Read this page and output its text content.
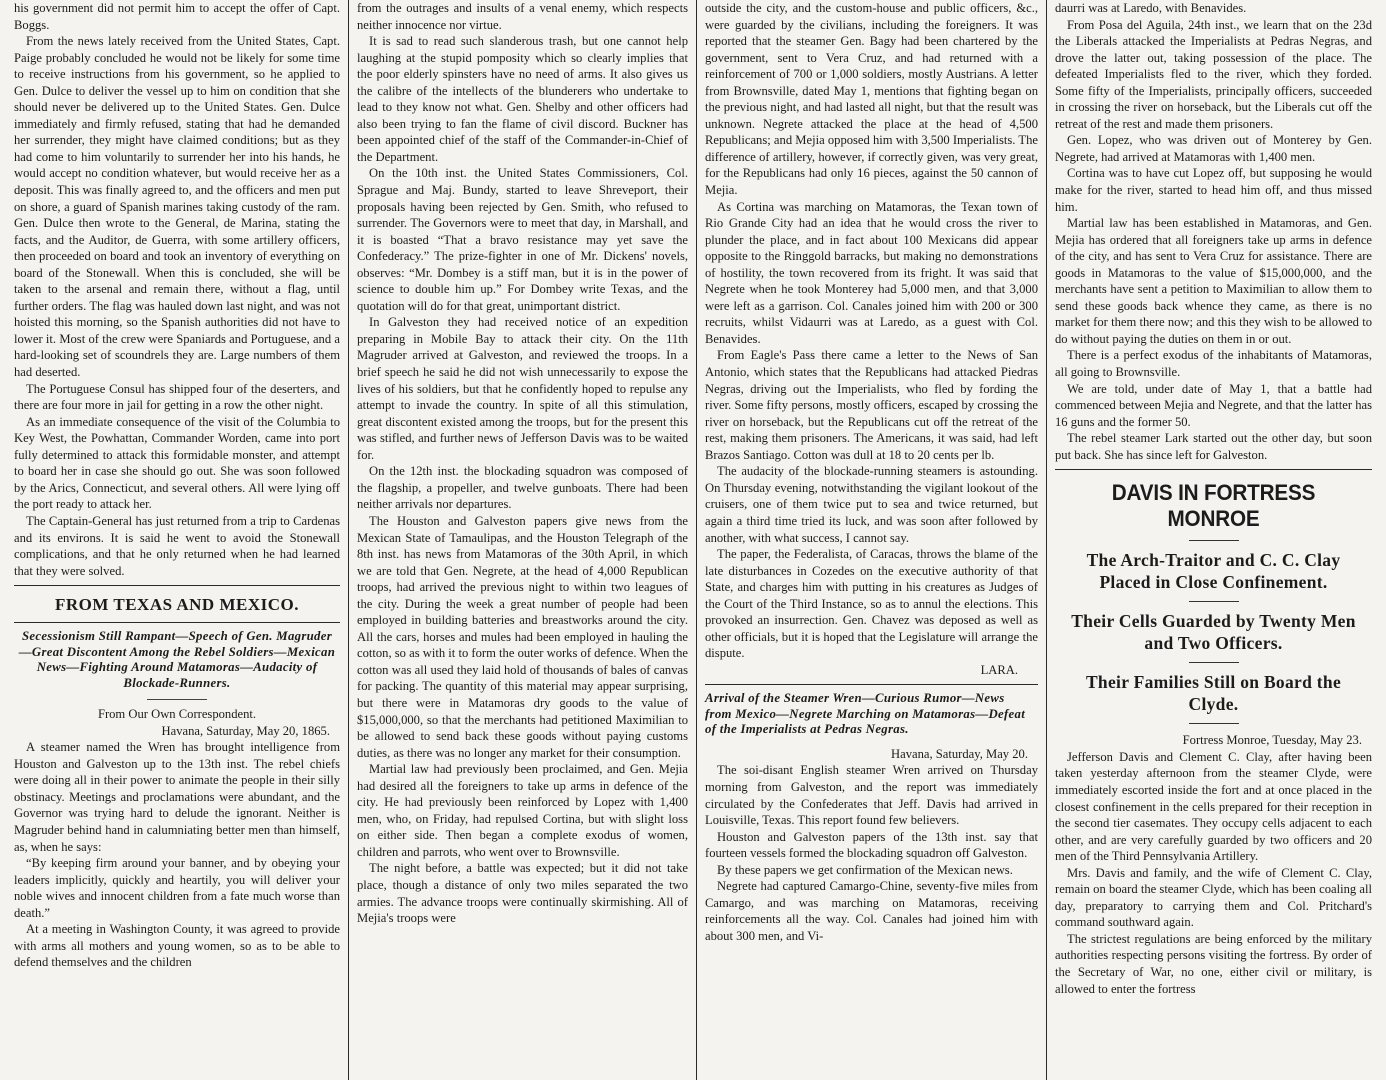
his government did not permit him to accept the offer of Capt. Boggs.

From the news lately received from the United States, Capt. Paige probably concluded he would not be likely for some time to receive instructions from his government, so he applied to Gen. Dulce to deliver the vessel up to him on condition that she should never be delivered up to the United States. Gen. Dulce immediately and firmly refused, stating that had he demanded her surrender, they might have claimed conditions; but as they had come to him voluntarily to surrender her into his hands, he would accept no condition whatever, but would receive her as a deposit. This was finally agreed to, and the officers and men put on shore, a guard of Spanish marines taking custody of the ram. Gen. Dulce then wrote to the General, de Marina, stating the facts, and the Auditor, de Guerra, with some artillery officers, then proceeded on board and took an inventory of everything on board of the Stonewall. When this is concluded, she will be taken to the arsenal and remain there, without a flag, until further orders. The flag was hauled down last night, and was not hoisted this morning, so the Spanish authorities did not have to lower it. Most of the crew were Spaniards and Portuguese, and a hard-looking set of scoundrels they are. Large numbers of them had deserted.

The Portuguese Consul has shipped four of the deserters, and there are four more in jail for getting in a row the other night.

As an immediate consequence of the visit of the Columbia to Key West, the Powhattan, Commander Worden, came into port fully determined to attack this formidable monster, and attempt to board her in case she should go out. She was soon followed by the Arics, Connecticut, and several others. All were lying off the port ready to attack her.

The Captain-General has just returned from a trip to Cardenas and its environs. It is said he went to avoid the Stonewall complications, and that he only returned when he had learned that they were solved.

FROM TEXAS AND MEXICO.
Secessionism Still Rampant—Speech of Gen. Magruder—Great Discontent Among the Rebel Soldiers—Mexican News—Fighting Around Matamoras—Audacity of Blockade-Runners.
From Our Own Correspondent.
Havana, Saturday, May 20, 1865.

A steamer named the Wren has brought intelligence from Houston and Galveston up to the 13th inst. The rebel chiefs were doing all in their power to animate the people in their silly obstinacy. Meetings and proclamations were abundant, and the Governor was trying hard to delude the ignorant. Neither is Magruder behind hand in calumniating better men than himself, as, when he says:

“By keeping firm around your banner, and by obeying your leaders implicitly, quickly and heartily, you will deliver your noble wives and innocent children from a fate much worse than death.”

At a meeting in Washington County, it was agreed to provide with arms all mothers and young women, so as to be able to defend themselves and the children

from the outrages and insults of a venal enemy, which respects neither innocence nor virtue.

It is sad to read such slanderous trash, but one cannot help laughing at the stupid pomposity which so clearly implies that the poor elderly spinsters have no need of arms. It also gives us the calibre of the intellects of the blunderers who undertake to lead to they know not what. Gen. Shelby and other officers had also been trying to fan the flame of civil discord. Buckner has been appointed chief of the staff of the Commander-in-Chief of the Department.

On the 10th inst. the United States Commissioners, Col. Sprague and Maj. Bundy, started to leave Shreveport, their proposals having been rejected by Gen. Smith, who refused to surrender. The Governors were to meet that day, in Marshall, and it is boasted “That a bravo resistance may yet save the Confederacy.” The prize-fighter in one of Mr. Dickens' novels, observes: “Mr. Dombey is a stiff man, but it is in the power of science to double him up.” For Dombey write Texas, and the quotation will do for that great, unimportant district.

In Galveston they had received notice of an expedition preparing in Mobile Bay to attack their city. On the 11th Magruder arrived at Galveston, and reviewed the troops. In a brief speech he said he did not wish unnecessarily to expose the lives of his soldiers, but that he confidently hoped to repulse any attempt to invade the country. In spite of all this stimulation, great discontent existed among the troops, but for the present this was stifled, and further news of Jefferson Davis was to be waited for.

On the 12th inst. the blockading squadron was composed of the flagship, a propeller, and twelve gunboats. There had been neither arrivals nor departures.

The Houston and Galveston papers give news from the Mexican State of Tamaulipas, and the Houston Telegraph of the 8th inst. has news from Matamoras of the 30th April, in which we are told that Gen. Negrete, at the head of 4,000 Republican troops, had arrived the previous night to within two leagues of the city. During the week a great number of people had been employed in building batteries and breastworks around the city. All the cars, horses and mules had been employed in hauling the cotton, so as with it to form the outer works of defence. When the cotton was all used they laid hold of thousands of bales of canvas for packing. The quantity of this material may appear surprising, but there were in Matamoras dry goods to the value of $15,000,000, so that the merchants had petitioned Maximilian to be allowed to send back these goods without paying customs duties, as there was no longer any market for their consumption.

Martial law had previously been proclaimed, and Gen. Mejia had desired all the foreigners to take up arms in defence of the city. He had previously been reinforced by Lopez with 1,400 men, who, on Friday, had repulsed Cortina, but with slight loss on either side. Then began a complete exodus of women, children and parrots, who went over to Brownsville.

The night before, a battle was expected; but it did not take place, though a distance of only two miles separated the two armies. The advance troops were continually skirmishing. All of Mejia's troops were

outside the city, and the custom-house and public officers, &c., were guarded by the civilians, including the foreigners. It was reported that the steamer Gen. Bagy had been chartered by the government, sent to Vera Cruz, and had returned with a reinforcement of 700 or 1,000 soldiers, mostly Austrians. A letter from Brownsville, dated May 1, mentions that fighting began on the previous night, and had lasted all night, but that the result was unknown. Negrete attacked the place at the head of 4,500 Republicans; and Mejia opposed him with 3,500 Imperialists. The difference of artillery, however, if correctly given, was very great, for the Republicans had only 16 pieces, against the 50 cannon of Mejia.

As Cortina was marching on Matamoras, the Texan town of Rio Grande City had an idea that he would cross the river to plunder the place, and in fact about 100 Mexicans did appear opposite to the Ringgold barracks, but making no demonstrations of hostility, the town recovered from its fright. It was said that Negrete when he took Monterey had 5,000 men, and that 3,000 were left as a garrison. Col. Canales joined him with 200 or 300 recruits, whilst Vidaurri was at Laredo, as a guest with Col. Benavides.

From Eagle's Pass there came a letter to the News of San Antonio, which states that the Republicans had attacked Piedras Negras, driving out the Imperialists, who fled by fording the river. Some fifty persons, mostly officers, escaped by crossing the river on horseback, but the Republicans cut off the retreat of the rest, making them prisoners. The Americans, it was said, had left Brazos Santiago. Cotton was dull at 18 to 20 cents per lb.

The audacity of the blockade-running steamers is astounding. On Thursday evening, notwithstanding the vigilant lookout of the cruisers, one of them twice put to sea and twice returned, but again a third time tried its luck, and was soon after followed by another, with what success, I cannot say.

The paper, the Federalista, of Caracas, throws the blame of the late disturbances in Cozedes on the executive authority of that State, and charges him with putting in his creatures as Judges of the Court of the Third Instance, so as to annul the elections. This provoked an insurrection. Gen. Chavez was deposed as well as other officials, but it is hoped that the Legislature will arrange the dispute.

LARA.
Arrival of the Steamer Wren—Curious Rumor—News from Mexico—Negrete Marching on Matamoras—Defeat of the Imperialists at Pedras Negras.
Havana, Saturday, May 20.

The soi-disant English steamer Wren arrived on Thursday morning from Galveston, and the report was immediately circulated by the Confederates that Jeff. Davis had arrived in Louisville, Texas. This report found few believers.

Houston and Galveston papers of the 13th inst. say that fourteen vessels formed the blockading squadron off Galveston.

By these papers we get confirmation of the Mexican news.

Negrete had captured Camargo-Chine, seventy-five miles from Camargo, and was marching on Matamoras, receiving reinforcements all the way. Col. Canales had joined him with about 300 men, and Vi-

daurri was at Laredo, with Benavides.

From Posa del Aguila, 24th inst., we learn that on the 23d the Liberals attacked the Imperialists at Pedras Negras, and drove the latter out, taking possession of the place. The defeated Imperialists fled to the river, which they forded. Some fifty of the Imperialists, principally officers, succeeded in crossing the river on horseback, but the Liberals cut off the retreat of the rest and made them prisoners.

Gen. Lopez, who was driven out of Monterey by Gen. Negrete, had arrived at Matamoras with 1,400 men.

Cortina was to have cut Lopez off, but supposing he would make for the river, started to head him off, and thus missed him.

Martial law has been established in Matamoras, and Gen. Mejia has ordered that all foreigners take up arms in defence of the city, and has sent to Vera Cruz for assistance. There are goods in Matamoras to the value of $15,000,000, and the merchants have sent a petition to Maximilian to allow them to send these goods back whence they came, as there is no market for them there now; and this they wish to be allowed to do without paying the duties on them in or out.

There is a perfect exodus of the inhabitants of Matamoras, all going to Brownsville.

We are told, under date of May 1, that a battle had commenced between Mejia and Negrete, and that the latter has 16 guns and the former 50.

The rebel steamer Lark started out the other day, but soon put back. She has since left for Galveston.

DAVIS IN FORTRESS MONROE
The Arch-Traitor and C. C. Clay Placed in Close Confinement.
Their Cells Guarded by Twenty Men and Two Officers.
Their Families Still on Board the Clyde.
Fortress Monroe, Tuesday, May 23.

Jefferson Davis and Clement C. Clay, after having been taken yesterday afternoon from the steamer Clyde, were immediately escorted inside the fort and at once placed in the closest confinement in the cells prepared for their reception in the second tier casemates. They occupy cells adjacent to each other, and are very carefully guarded by two officers and 20 men of the Third Pennsylvania Artillery.

Mrs. Davis and family, and the wife of Clement C. Clay, remain on board the steamer Clyde, which has been coaling all day, preparatory to carrying them and Col. Pritchard's command southward again.

The strictest regulations are being enforced by the military authorities respecting persons visiting the fortress. By order of the Secretary of War, no one, either civil or military, is allowed to enter the fortress
